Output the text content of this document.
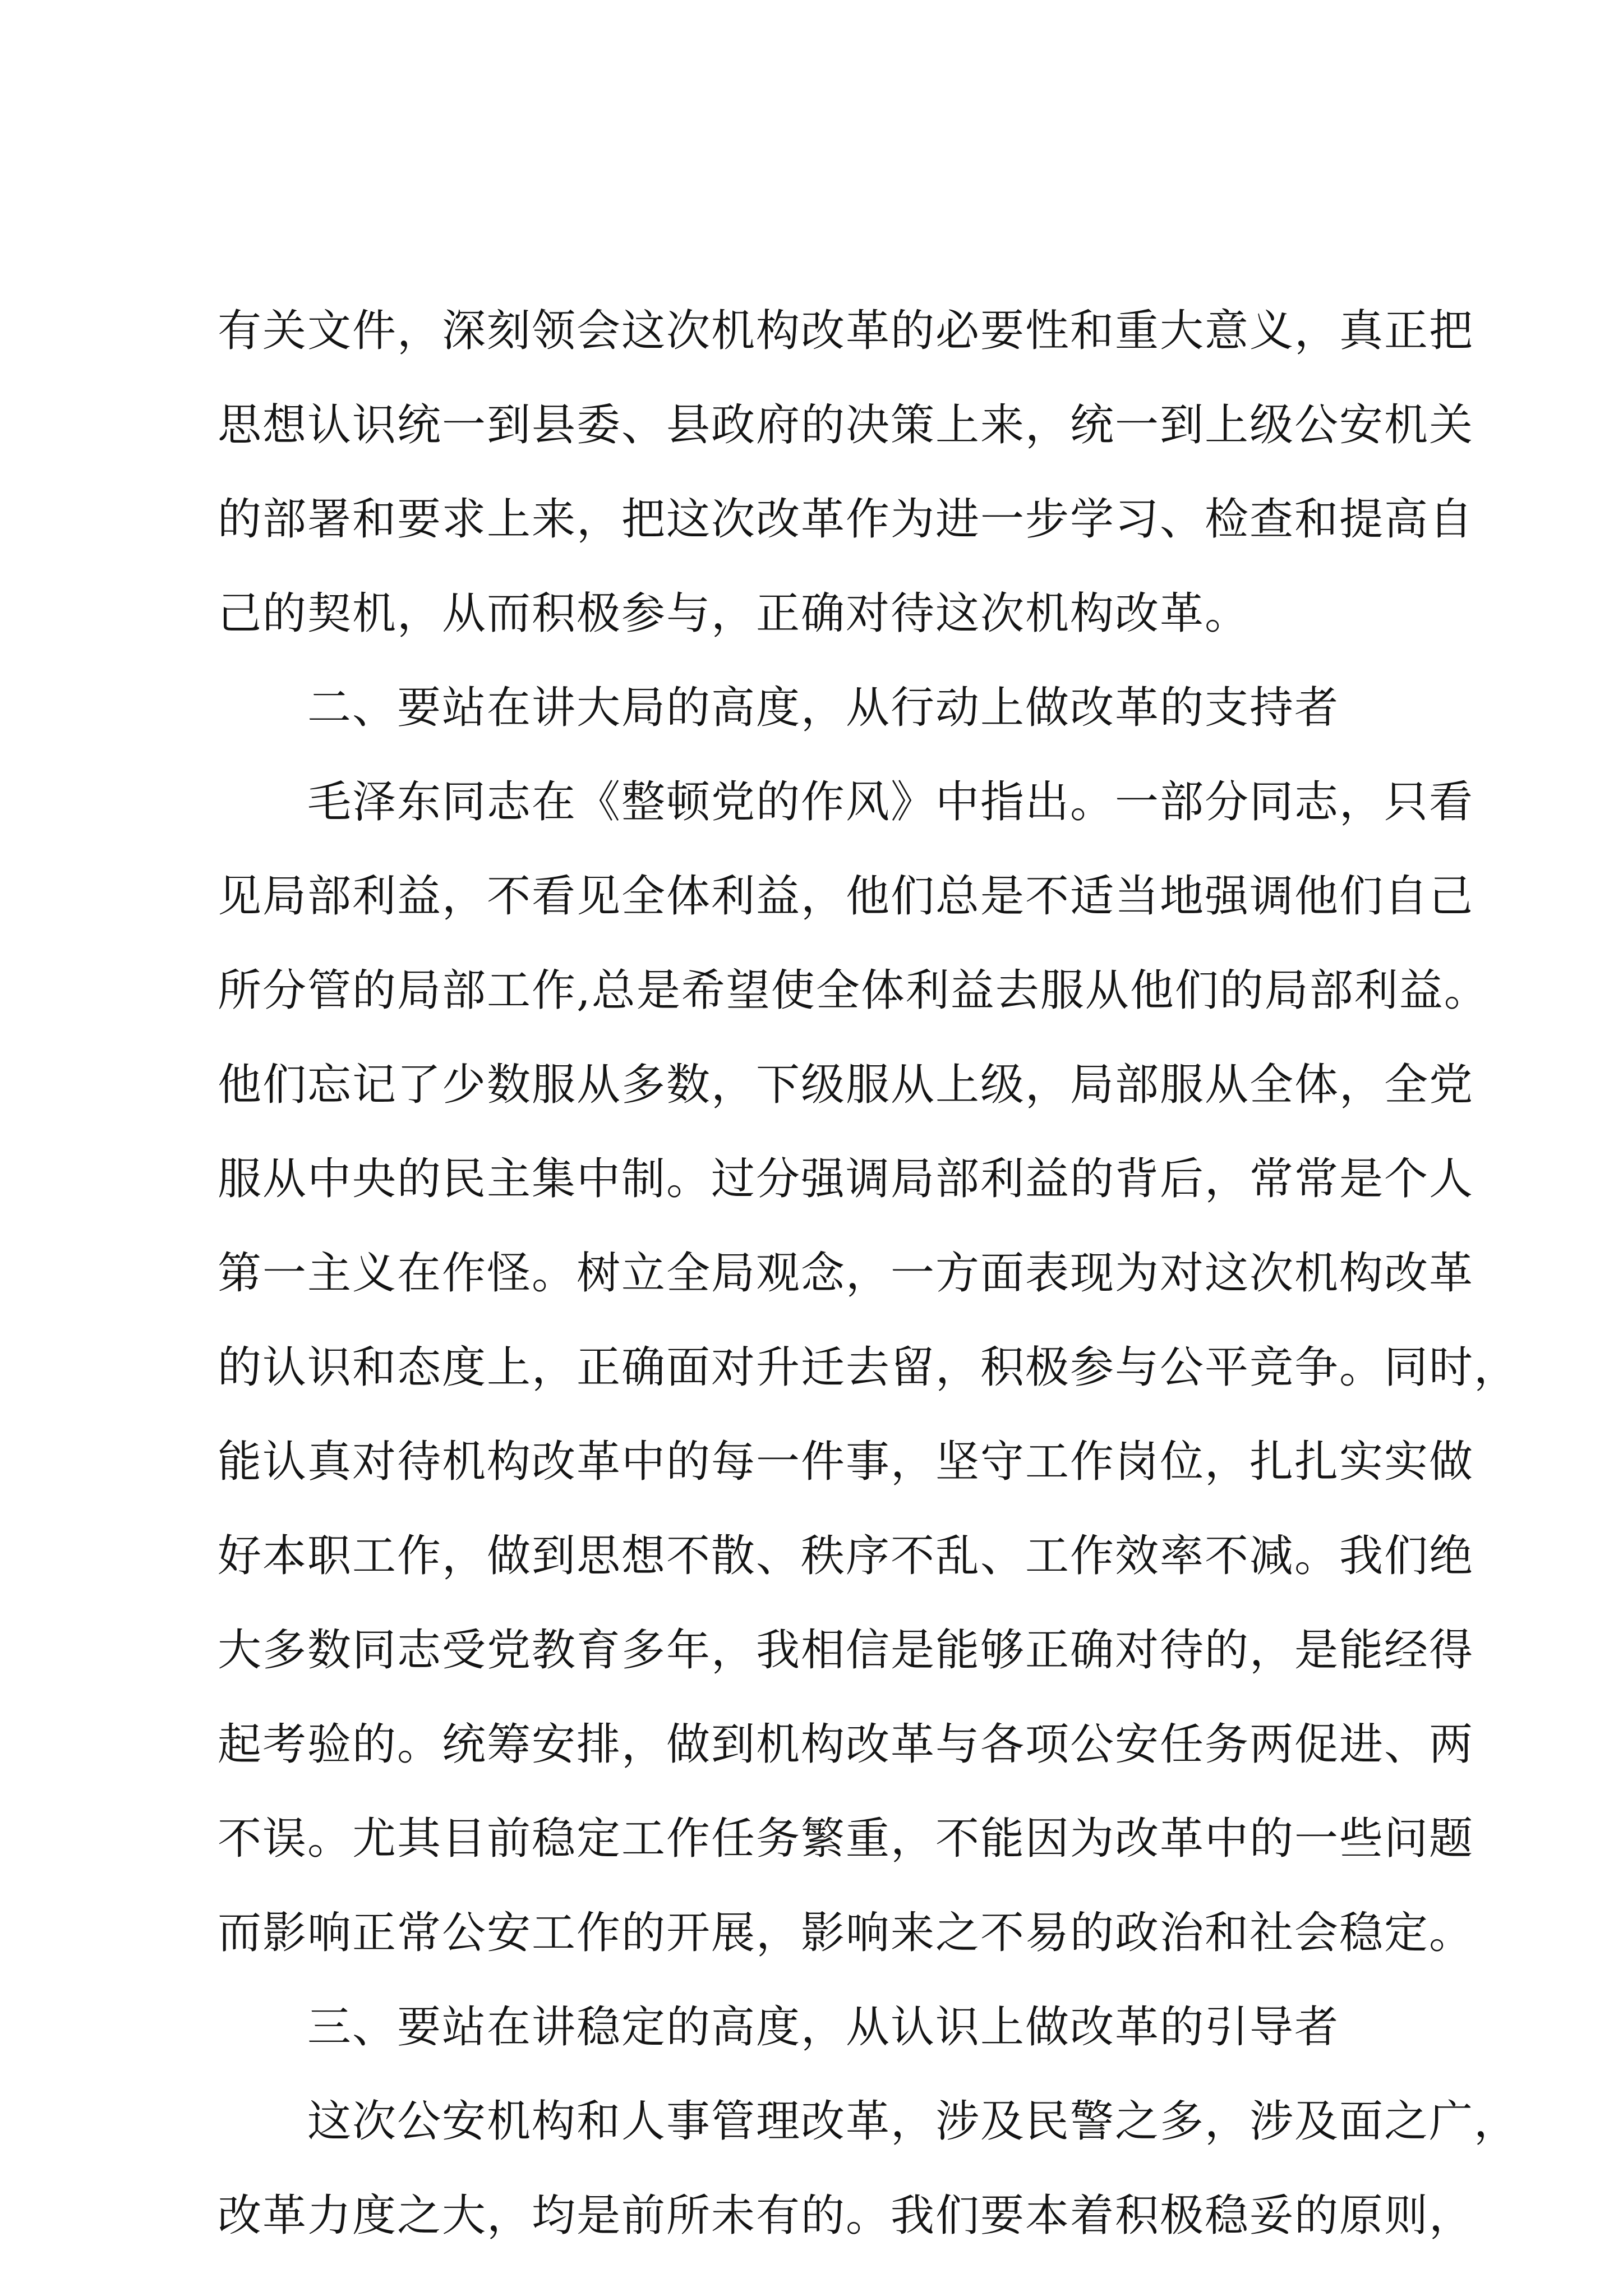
有关文件，深刻领会这次机构改革的必要性和重大意义，真正把
思想认识统一到县委、县政府的决策上来，统一到上级公安机关
的部署和要求上来，把这次改革作为进一步学习、检查和提高自
己的契机，从而积极参与，正确对待这次机构改革。
二、要站在讲大局的高度，从行动上做改革的支持者
毛泽东同志在《整顿党的作风》中指出。一部分同志，只看
见局部利益，不看见全体利益，他们总是不适当地强调他们自己
所分管的局部工作,总是希望使全体利益去服从他们的局部利益。
他们忘记了少数服从多数，下级服从上级，局部服从全体，全党
服从中央的民主集中制。过分强调局部利益的背后，常常是个人
第一主义在作怪。树立全局观念，一方面表现为对这次机构改革
的认识和态度上，正确面对升迁去留，积极参与公平竞争。同时，
能认真对待机构改革中的每一件事，坚守工作岗位，扎扎实实做
好本职工作，做到思想不散、秩序不乱、工作效率不减。我们绝
大多数同志受党教育多年，我相信是能够正确对待的，是能经得
起考验的。统筹安排，做到机构改革与各项公安任务两促进、两
不误。尤其目前稳定工作任务繁重，不能因为改革中的一些问题
而影响正常公安工作的开展，影响来之不易的政治和社会稳定。
三、要站在讲稳定的高度，从认识上做改革的引导者
这次公安机构和人事管理改革，涉及民警之多，涉及面之广，
改革力度之大，均是前所未有的。我们要本着积极稳妥的原则，
